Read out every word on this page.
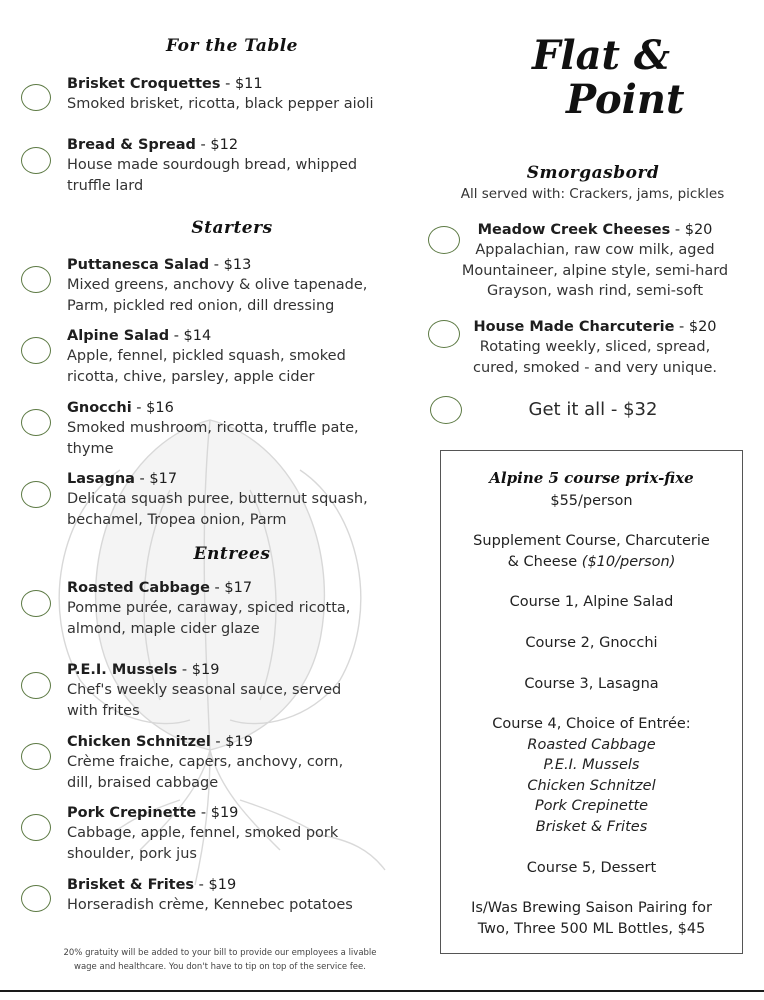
For the Table
Brisket Croquettes - $11
Smoked brisket, ricotta, black pepper aioli
Bread & Spread - $12
House made sourdough bread, whipped
truffle lard
Starters
Puttanesca Salad - $13
Mixed greens, anchovy & olive tapenade,
Parm, pickled red onion, dill dressing
Alpine Salad - $14
Apple, fennel, pickled squash, smoked
ricotta, chive, parsley, apple cider
Gnocchi - $16
Smoked mushroom, ricotta, truffle pate,
thyme
Lasagna - $17
Delicata squash puree, butternut squash,
bechamel, Tropea onion, Parm
Entrees
Roasted Cabbage - $17
Pomme purée, caraway, spiced ricotta,
almond, maple cider glaze
P.E.I. Mussels - $19
Chef's weekly seasonal sauce, served
with frites
Chicken Schnitzel - $19
Crème fraiche, capers, anchovy, corn,
dill, braised cabbage
Pork Crepinette - $19
Cabbage, apple, fennel, smoked pork
shoulder, pork jus
Brisket & Frites - $19
Horseradish crème, Kennebec potatoes
20% gratuity will be added to your bill to provide our employees a livable
wage and healthcare. You don't have to tip on top of the service fee.
Flat &
Point
Smorgasbord
All served with: Crackers, jams, pickles
Meadow Creek Cheeses - $20
Appalachian, raw cow milk, aged
Mountaineer, alpine style, semi-hard
Grayson, wash rind, semi-soft
House Made Charcuterie - $20
Rotating weekly, sliced, spread,
cured, smoked - and very unique.
Get it all - $32
Alpine 5 course prix-fixe
$55/person
Supplement Course, Charcuterie
& Cheese ($10/person)
Course 1, Alpine Salad
Course 2, Gnocchi
Course 3, Lasagna
Course 4, Choice of Entrée:
Roasted Cabbage
P.E.I. Mussels
Chicken Schnitzel
Pork Crepinette
Brisket & Frites
Course 5, Dessert
Is/Was Brewing Saison Pairing for
Two, Three 500 ML Bottles, $45
